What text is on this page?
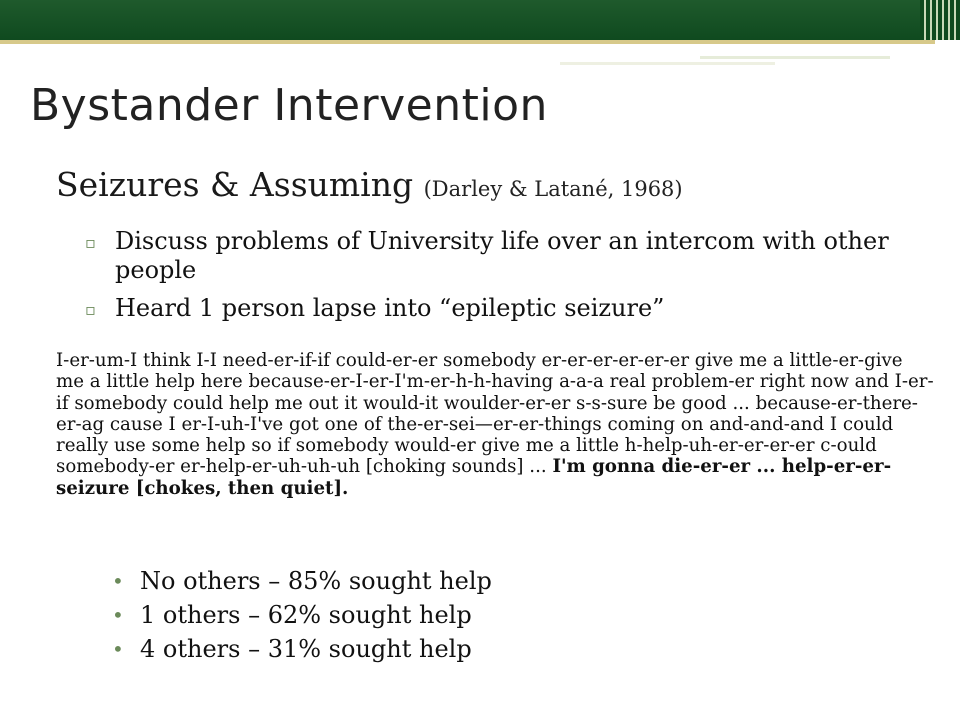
Bystander Intervention
Seizures & Assuming (Darley & Latané, 1968)
▫ Discuss problems of University life over an intercom with other people
▫ Heard 1 person lapse into “epileptic seizure”
I-er-um-I think I-I need-er-if-if could-er-er somebody er-er-er-er-er-er give me a little-er-give me a little help here because-er-I-er-I'm-er-h-h-having a-a-a real problem-er right now and I-er-if somebody could help me out it would-it woulder-er-er s-s-sure be good ... because-er-there-er-ag cause I er-I-uh-I've got one of the-er-sei—er-er-things coming on and-and-and I could really use some help so if somebody would-er give me a little h-help-uh-er-er-er-er c-ould somebody-er er-help-er-uh-uh-uh [choking sounds] ... I'm gonna die-er-er ... help-er-er-seizure [chokes, then quiet].
• No others – 85% sought help
• 1 others – 62% sought help
• 4 others – 31% sought help
